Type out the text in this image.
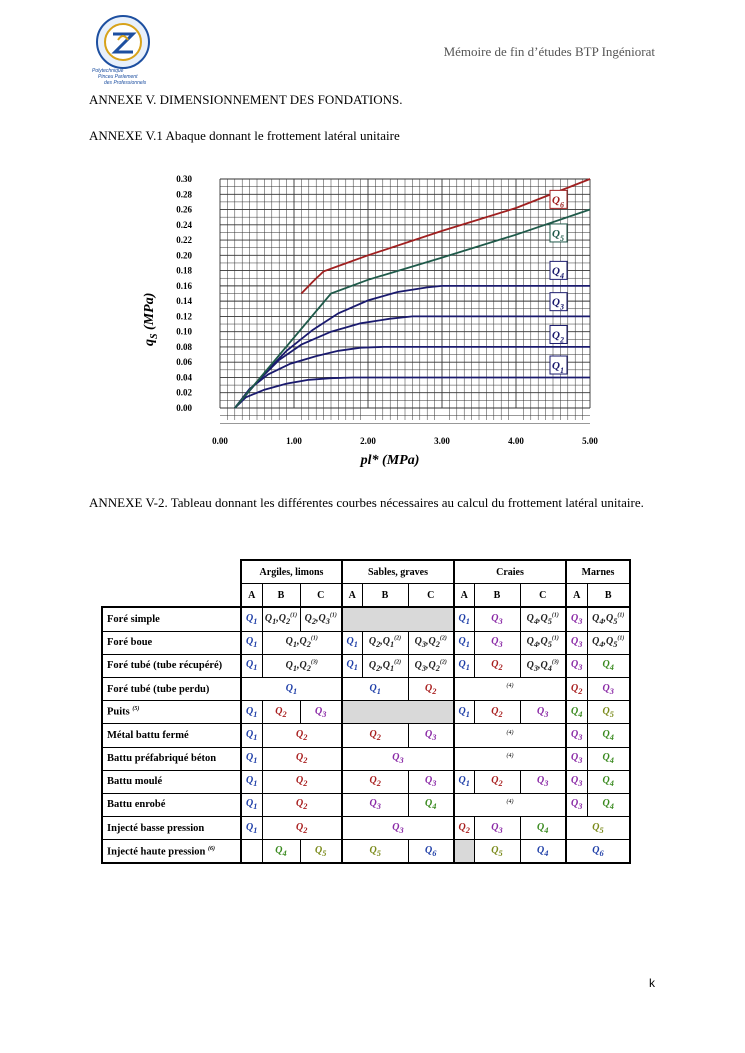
Polytechnique
Pinceu Parlement
des Professionnels
Mémoire de fin d’études BTP Ingéniorat
ANNEXE V. DIMENSIONNEMENT DES FONDATIONS.
ANNEXE V.1 Abaque donnant le frottement latéral unitaire
0.00
0.02
0.04
0.06
0.08
0.10
0.12
0.14
0.16
0.18
0.20
0.22
0.24
0.26
0.28
0.30
0.00	1.00	2.00	3.00	4.00	5.00
$Q_1$
$Q_2$
$Q_3$
$Q_4$
$Q_5$
$Q_6$
pl* (MPa)
$q_S$ (MPa)
ANNEXE V-2. Tableau donnant les différentes courbes nécessaires au calcul du frottement latéral unitaire.
	Argiles, limons			Sables, graves			Craies			Marnes	
	A	B	C	A	B	C	A	B	C	A	B
Foré simple	$Q_1$	$Q_1,Q_2^{(1)}$	$Q_2,Q_3^{(1)}$				$Q_1$	$Q_3$	$Q_4,Q_5^{(1)}$	$Q_3$	$Q_4,Q_5^{(1)}$
Foré boue	$Q_1$	$Q_1,Q_2^{(1)}$		$Q_1$	$Q_2,Q_1^{(2)}$	$Q_3,Q_2^{(2)}$	$Q_1$	$Q_3$	$Q_4,Q_5^{(1)}$	$Q_3$	$Q_4,Q_5^{(1)}$
Foré tubé (tube récupéré)	$Q_1$	$Q_1,Q_2^{(3)}$		$Q_1$	$Q_2,Q_1^{(2)}$	$Q_3,Q_2^{(2)}$	$Q_1$	$Q_2$	$Q_3,Q_4^{(3)}$	$Q_3$	$Q_4$
Foré tubé (tube perdu)	$Q_1$			$Q_1$		$Q_2$	$^{(4)}$			$Q_2$	$Q_3$
Puits $^{(5)}$	$Q_1$	$Q_2$	$Q_3$				$Q_1$	$Q_2$	$Q_3$	$Q_4$	$Q_5$
Métal battu fermé	$Q_1$	$Q_2$		$Q_2$		$Q_3$	$^{(4)}$			$Q_3$	$Q_4$
Battu préfabriqué béton	$Q_1$	$Q_2$		$Q_3$			$^{(4)}$			$Q_3$	$Q_4$
Battu moulé	$Q_1$	$Q_2$		$Q_2$		$Q_3$	$Q_1$	$Q_2$	$Q_3$	$Q_3$	$Q_4$
Battu enrobé	$Q_1$	$Q_2$		$Q_3$		$Q_4$	$^{(4)}$			$Q_3$	$Q_4$
Injecté basse pression	$Q_1$	$Q_2$		$Q_3$			$Q_2$	$Q_3$	$Q_4$	$Q_5$
Injecté haute pression $^{(6)}$		$Q_4$	$Q_5$	$Q_5$		$Q_6$		$Q_5$	$Q_4$	$Q_6$
k
